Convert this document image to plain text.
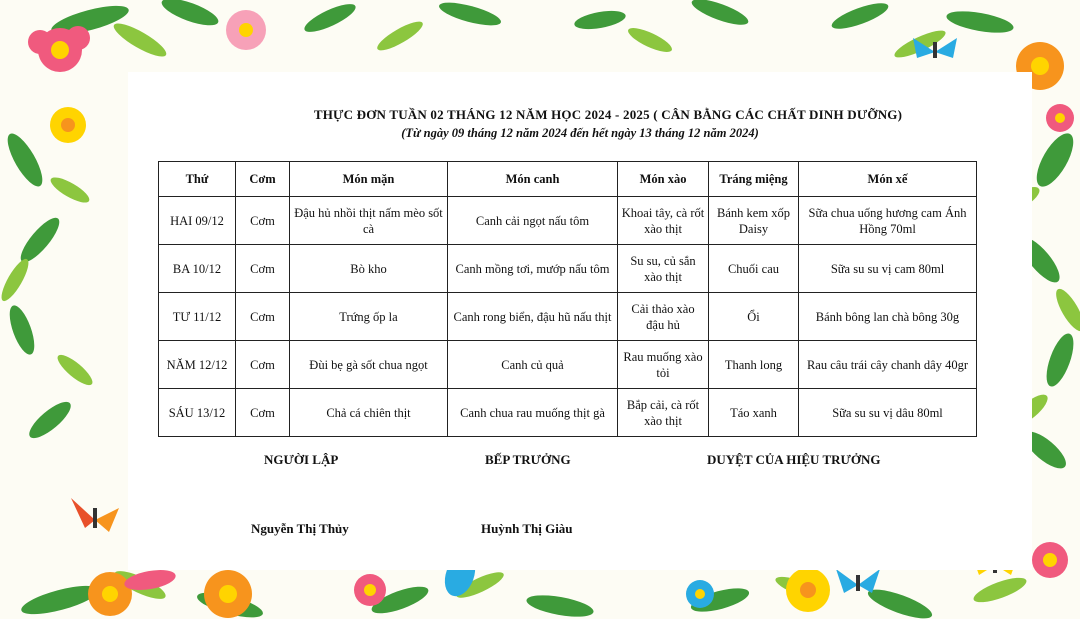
THỰC ĐƠN TUẦN 02 THÁNG 12 NĂM HỌC 2024 - 2025 ( CÂN BẰNG CÁC CHẤT DINH DƯỠNG)
(Từ ngày 09 tháng 12 năm 2024 đến hết ngày 13 tháng 12 năm 2024)
Thứ	Cơm	Món mặn	Món canh	Món xào	Tráng miệng	Món xế
HAI 09/12	Cơm	Đậu hủ nhồi thịt nấm mèo sốt cà	Canh cải ngọt nấu tôm	Khoai tây, cà rốt xào thịt	Bánh kem xốp Daisy	Sữa chua uống hương cam Ánh Hồng 70ml
BA 10/12	Cơm	Bò kho	Canh mồng tơi, mướp nấu tôm	Su su, củ sắn xào thịt	Chuối cau	Sữa su su vị cam 80ml
TƯ 11/12	Cơm	Trứng ốp la	Canh rong biển, đậu hũ nấu thịt	Cải thảo xào đậu hủ	Ổi	Bánh bông lan chà bông 30g
NĂM 12/12	Cơm	Đùi bẹ gà sốt chua ngọt	Canh củ quả	Rau muống xào tỏi	Thanh long	Rau câu trái cây chanh dây 40gr
SÁU 13/12	Cơm	Chả cá chiên thịt	Canh chua rau muống thịt gà	Bắp cải, cà rốt xào thịt	Táo xanh	Sữa su su vị dâu 80ml
NGƯỜI LẬP	BẾP TRƯỞNG	DUYỆT CỦA HIỆU TRƯỞNG
Nguyễn Thị Thủy	Huỳnh Thị Giàu
